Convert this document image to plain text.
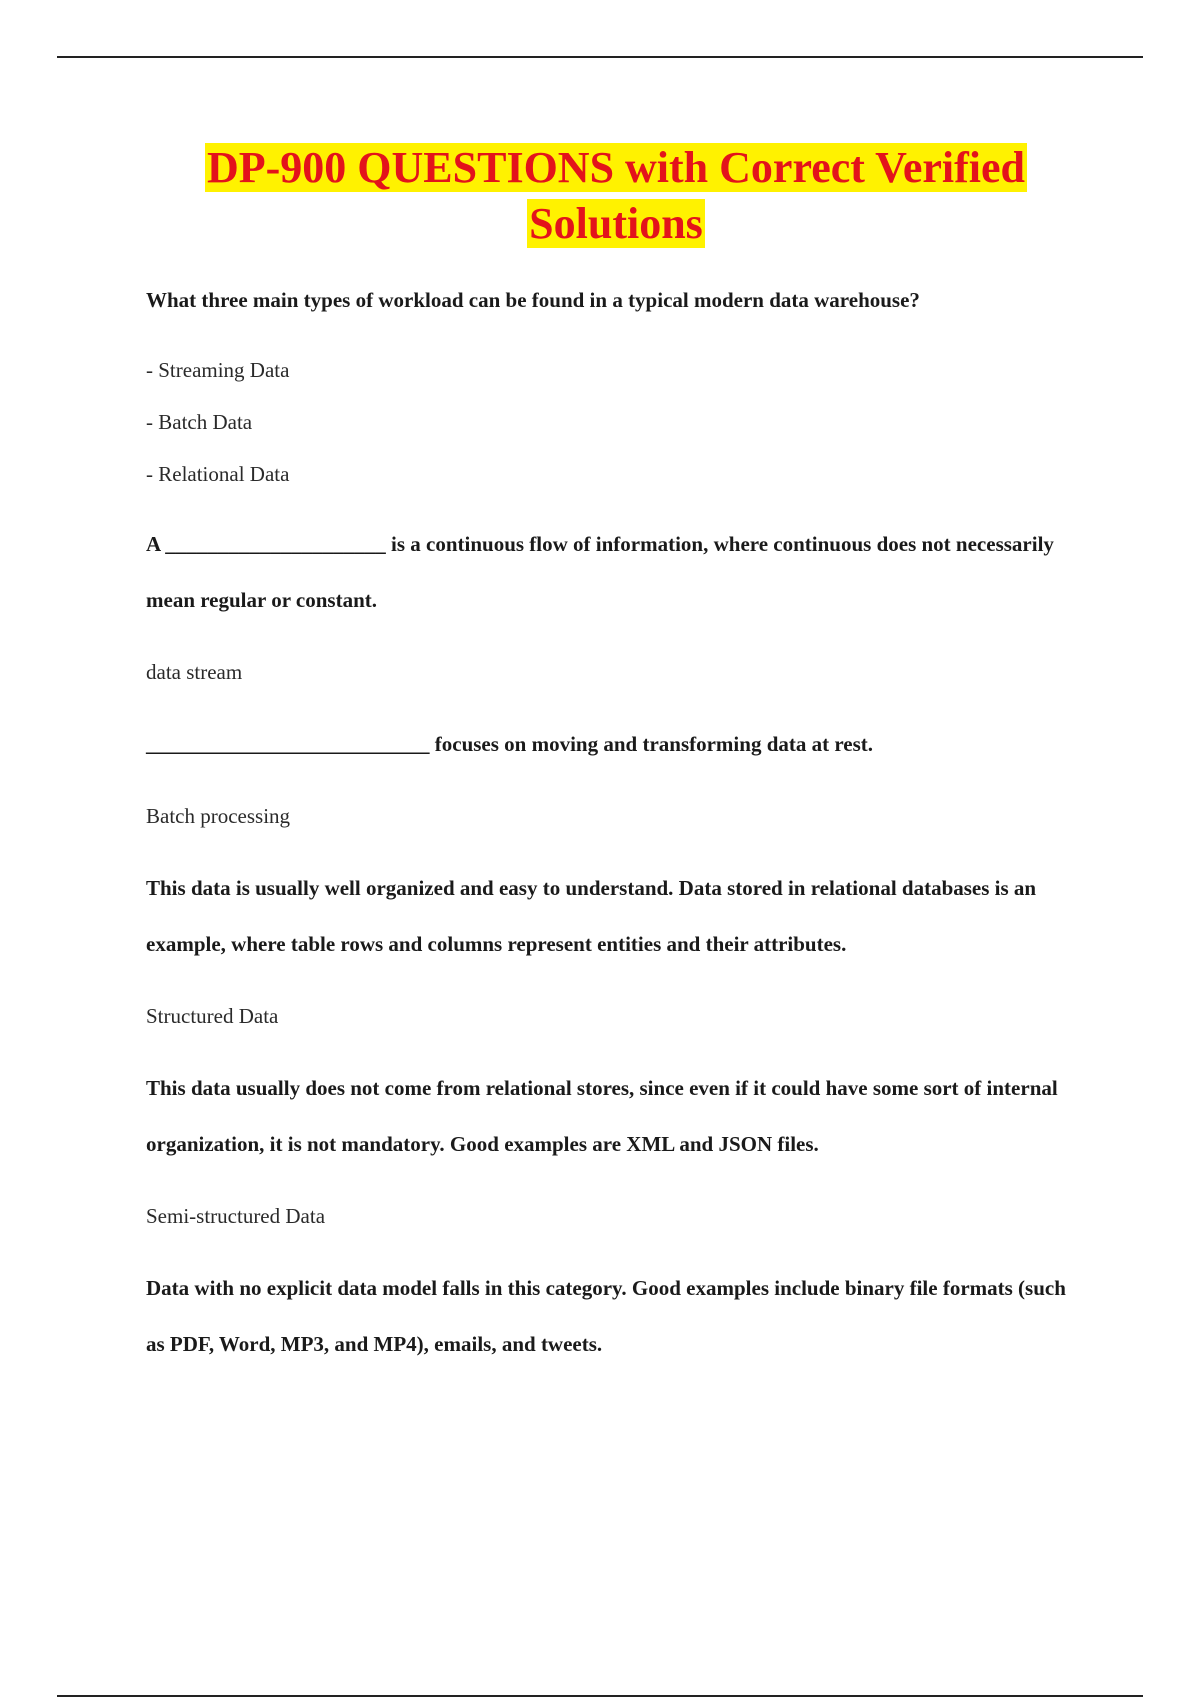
DP-900 QUESTIONS with Correct Verified
Solutions

What three main types of workload can be found in a typical modern data warehouse?

- Streaming Data

- Batch Data

- Relational Data

A _____________________ is a continuous flow of information, where continuous does not necessarily mean regular or constant.

data stream

___________________________ focuses on moving and transforming data at rest.

Batch processing

This data is usually well organized and easy to understand. Data stored in relational databases is an example, where table rows and columns represent entities and their attributes.

Structured Data

This data usually does not come from relational stores, since even if it could have some sort of internal organization, it is not mandatory. Good examples are XML and JSON files.

Semi-structured Data

Data with no explicit data model falls in this category. Good examples include binary file formats (such as PDF, Word, MP3, and MP4), emails, and tweets.
